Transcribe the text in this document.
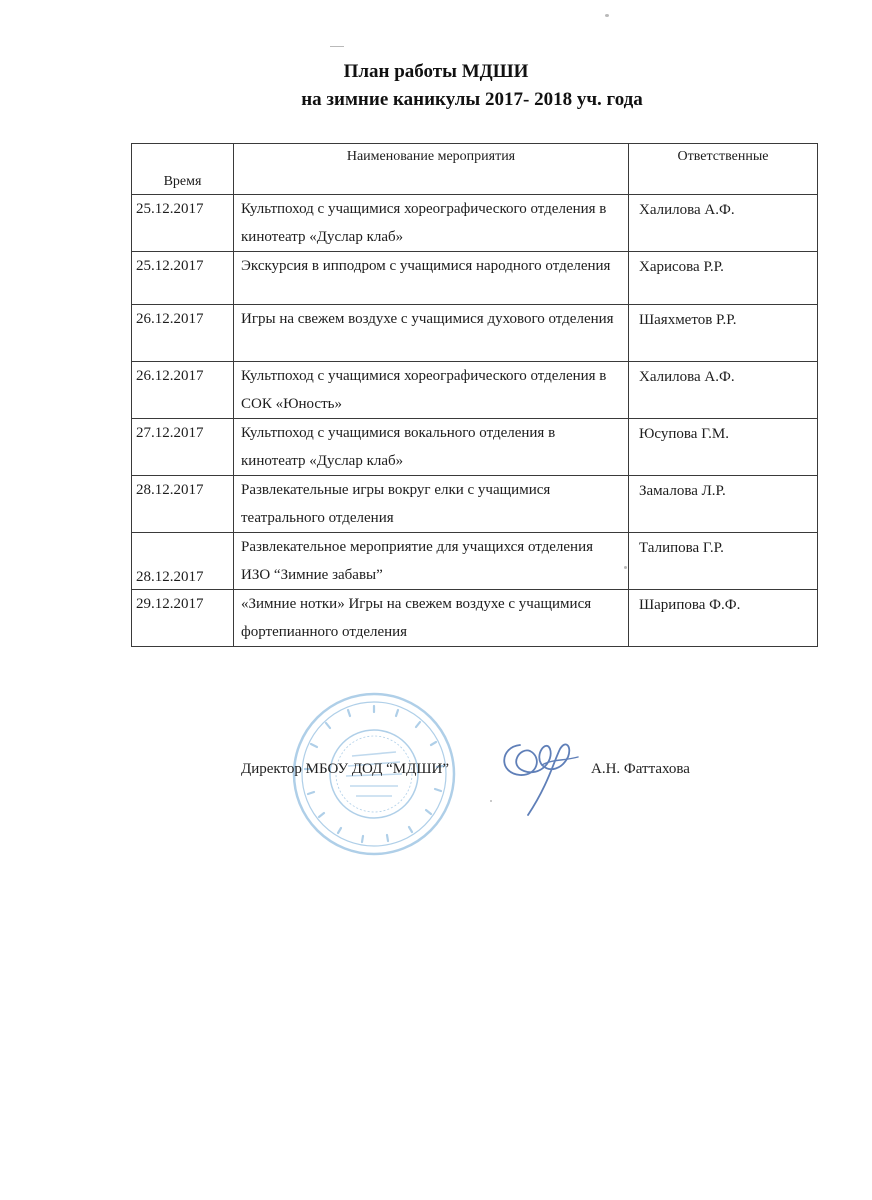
План работы МДШИ
на зимние каникулы 2017- 2018 уч. года
Время	Наименование мероприятия	Ответственные

25.12.2017	Культпоход с учащимися хореографического отделения в кинотеатр «Дуслар клаб»	Халилова А.Ф.

25.12.2017	Экскурсия в ипподром с учащимися народного отделения	Харисова Р.Р.

26.12.2017	Игры на свежем воздухе с учащимися духового отделения	Шаяхметов Р.Р.

26.12.2017	Культпоход с учащимися хореографического отделения в СОК «Юность»	Халилова А.Ф.

27.12.2017	Культпоход с учащимися вокального отделения в кинотеатр «Дуслар клаб»	Юсупова Г.М.

28.12.2017	Развлекательные игры вокруг елки с учащимися театрального отделения	Замалова Л.Р.

28.12.2017	Развлекательное мероприятие для учащихся отделения ИЗО “Зимние забавы”	Талипова Г.Р.

29.12.2017	«Зимние нотки» Игры на свежем воздухе с учащимися фортепианного отделения	Шарипова Ф.Ф.
Директор МБОУ ДОД “МДШИ”	А.Н. Фаттахова
